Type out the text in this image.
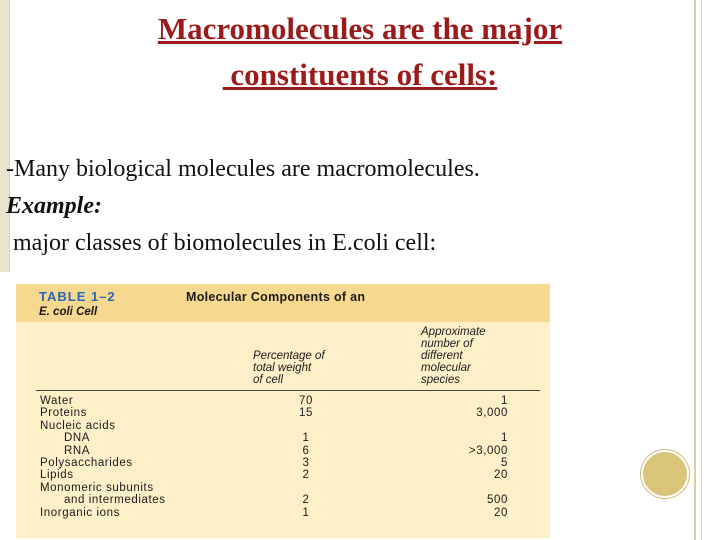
Macromolecules are the major
constituents of cells:
-Many biological molecules are macromolecules.
Example:
major classes of biomolecules in E.coli cell:
TABLE 1–2	Molecular Components of an
E. coli Cell
Percentage of
total weight
of cell
Approximate
number of
different
molecular
species
Water	70	1
Proteins	15	3,000
Nucleic acids
DNA	1	1
RNA	6	>3,000
Polysaccharides	3	5
Lipids	2	20
Monomeric subunits
and intermediates	2	500
Inorganic ions	1	20
